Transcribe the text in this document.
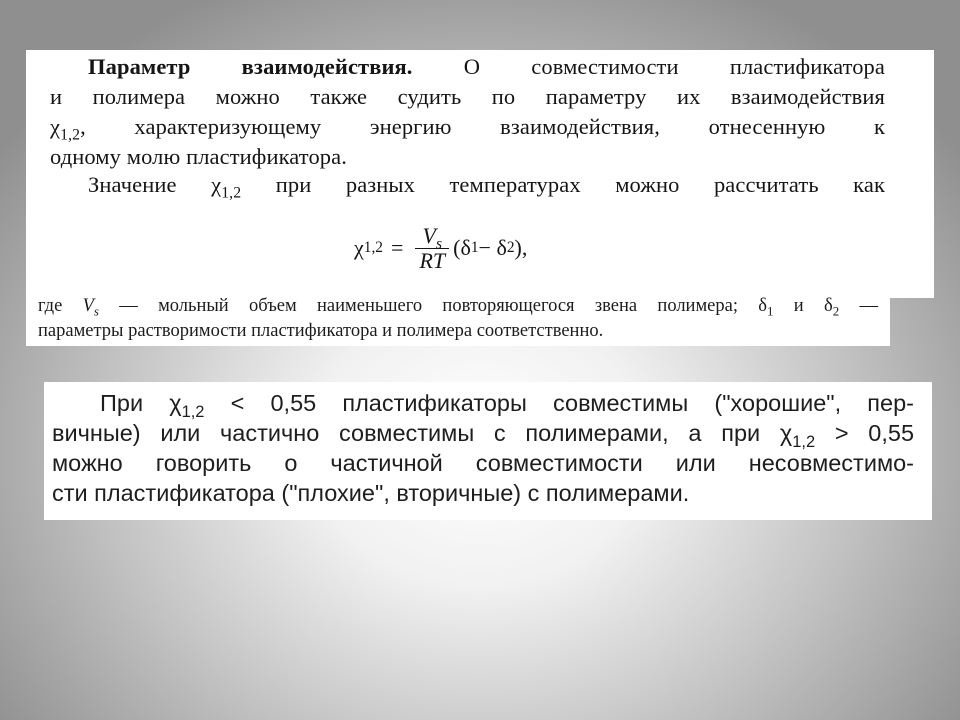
Параметр взаимодействия. О совместимости пластификатора
и полимера можно также судить по параметру их взаимодействия
$\chi_{1,2}$, характеризующему энергию взаимодействия, отнесенную к
одному молю пластификатора.
Значение $\chi_{1,2}$ при разных температурах можно рассчитать как
χ $1,2 = \frac{V_s}{RT} (\delta$ 1 − δ 2 ),
где $V_s$ — мольный объем наименьшего повторяющегося звена полимера; $\delta_1$ и $\delta_2$ —
параметры растворимости пластификатора и полимера соответственно.
При $\chi_{1,2} < 0,55$ пластификаторы совместимы ("хорошие", пер-
вичные) или частично совместимы с полимерами, а при $\chi_{1,2} > 0,55$
можно говорить о частичной совместимости или несовместимо-
сти пластификатора ("плохие", вторичные) с полимерами.
